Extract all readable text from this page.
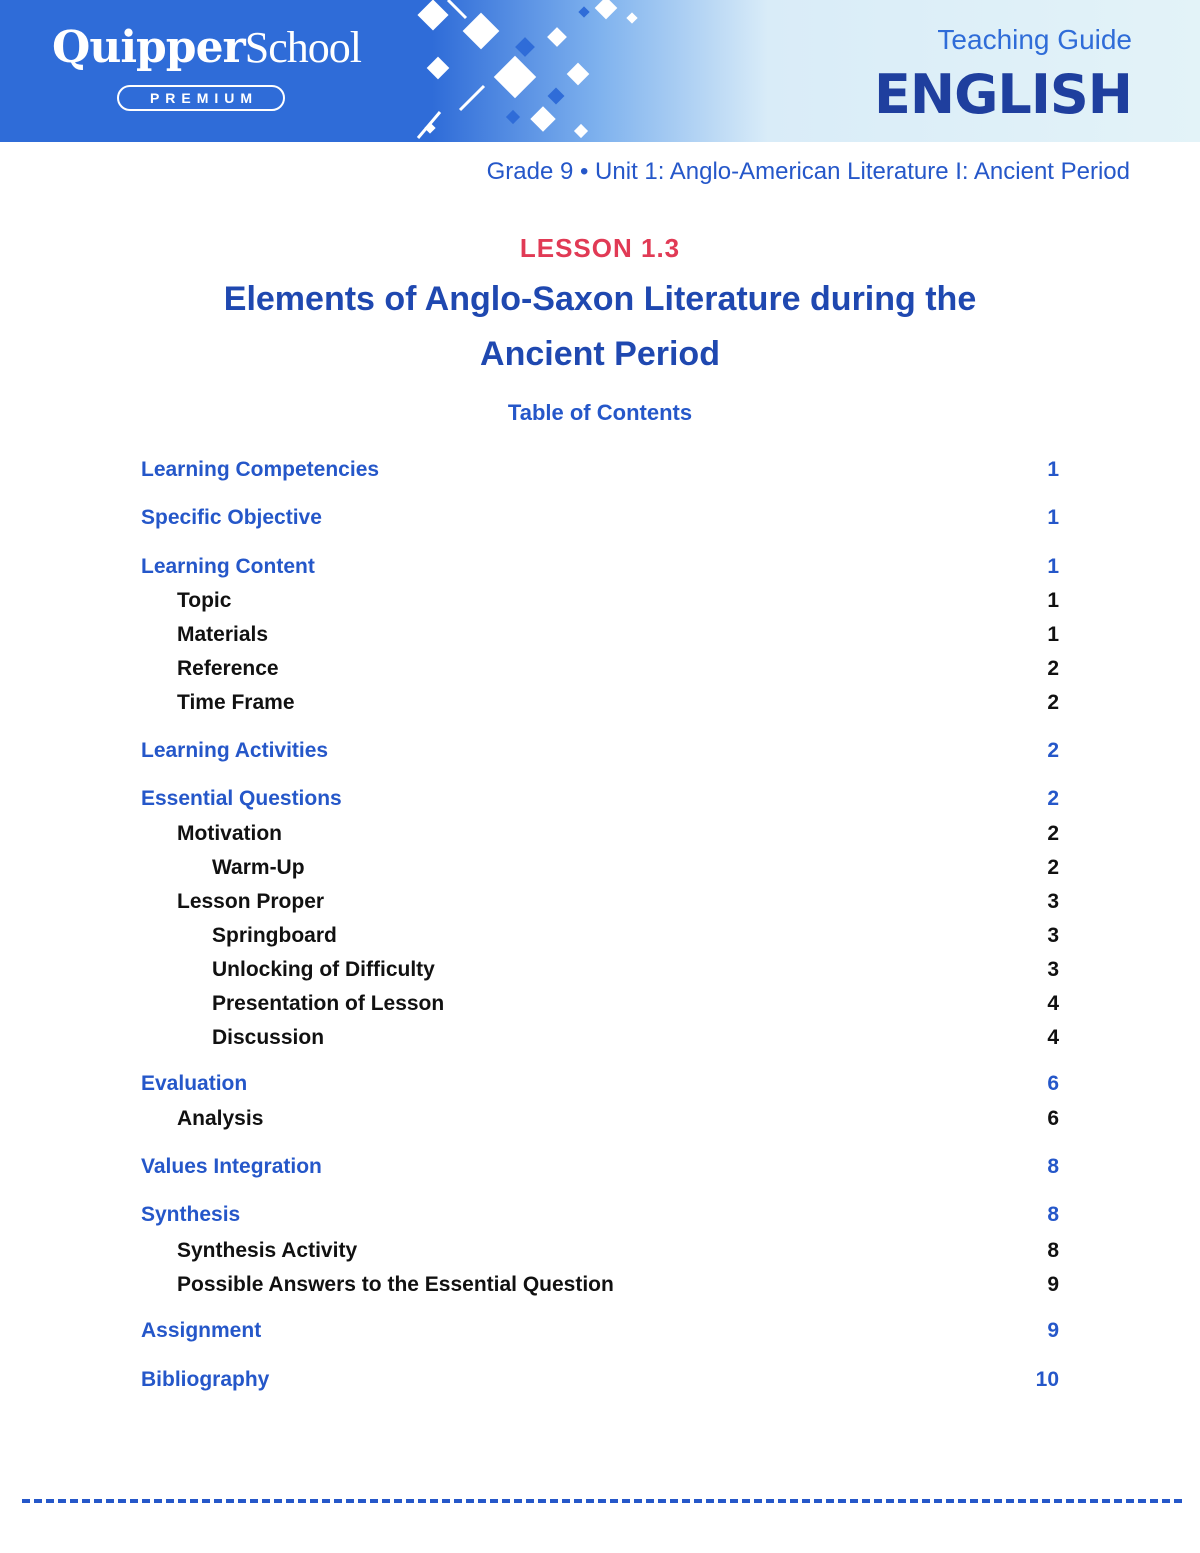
QuipperSchool
PREMIUM
Teaching Guide
ENGLISH
Grade 9 • Unit 1: Anglo-American Literature I: Ancient Period
LESSON 1.3
Elements of Anglo-Saxon Literature during the
Ancient Period
Table of Contents
Learning Competencies	1
Specific Objective	1
Learning Content	1
Topic	1
Materials	1
Reference	2
Time Frame	2
Learning Activities	2
Essential Questions	2
Motivation	2
Warm-Up	2
Lesson Proper	3
Springboard	3
Unlocking of Difficulty	3
Presentation of Lesson	4
Discussion	4
Evaluation	6
Analysis	6
Values Integration	8
Synthesis	8
Synthesis Activity	8
Possible Answers to the Essential Question	9
Assignment	9
Bibliography	10
